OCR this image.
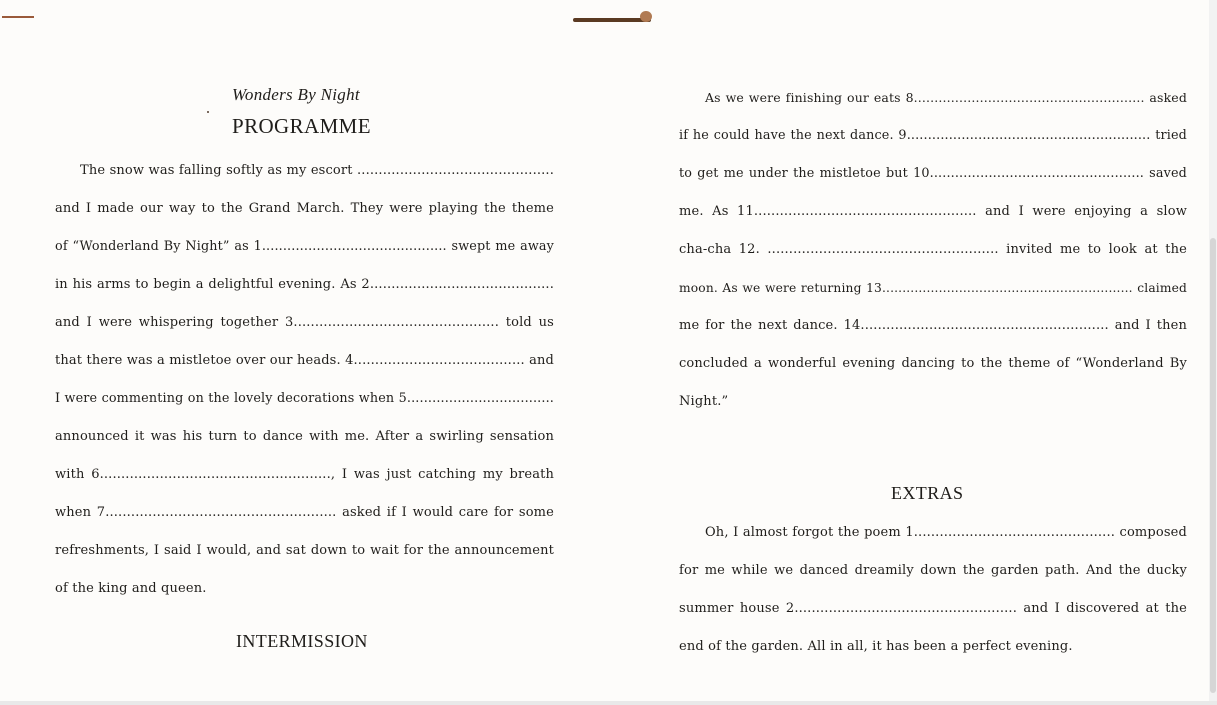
Wonders By Night
PROGRAMME

The snow was falling softly as my escort ..............................................

and I made our way to the Grand March. They were playing the theme

of “Wonderland By Night” as 1............................................ swept me away

in his arms to begin a delightful evening. As 2...........................................

and I were whispering together 3................................................ told us

that there was a mistletoe over our heads. 4........................................ and

I were commenting on the lovely decorations when 5...................................

announced it was his turn to dance with me. After a swirling sensation

with 6......................................................, I was just catching my breath

when 7...................................................... asked if I would care for some

refreshments, I said I would, and sat down to wait for the announcement

of the king and queen.

INTERMISSION

As we were finishing our eats 8........................................................ asked

if he could have the next dance. 9.......................................................... tried

to get me under the mistletoe but 10................................................... saved

me. As 11.................................................... and I were enjoying a slow

cha-cha 12. ...................................................... invited me to look at the

moon. As we were returning 13.............................................................. claimed

me for the next dance. 14.......................................................... and I then

concluded a wonderful evening dancing to the theme of “Wonderland By

Night.”

EXTRAS

Oh, I almost forgot the poem 1............................................... composed

for me while we danced dreamily down the garden path. And the ducky

summer house 2.................................................... and I discovered at the

end of the garden. All in all, it has been a perfect evening.
